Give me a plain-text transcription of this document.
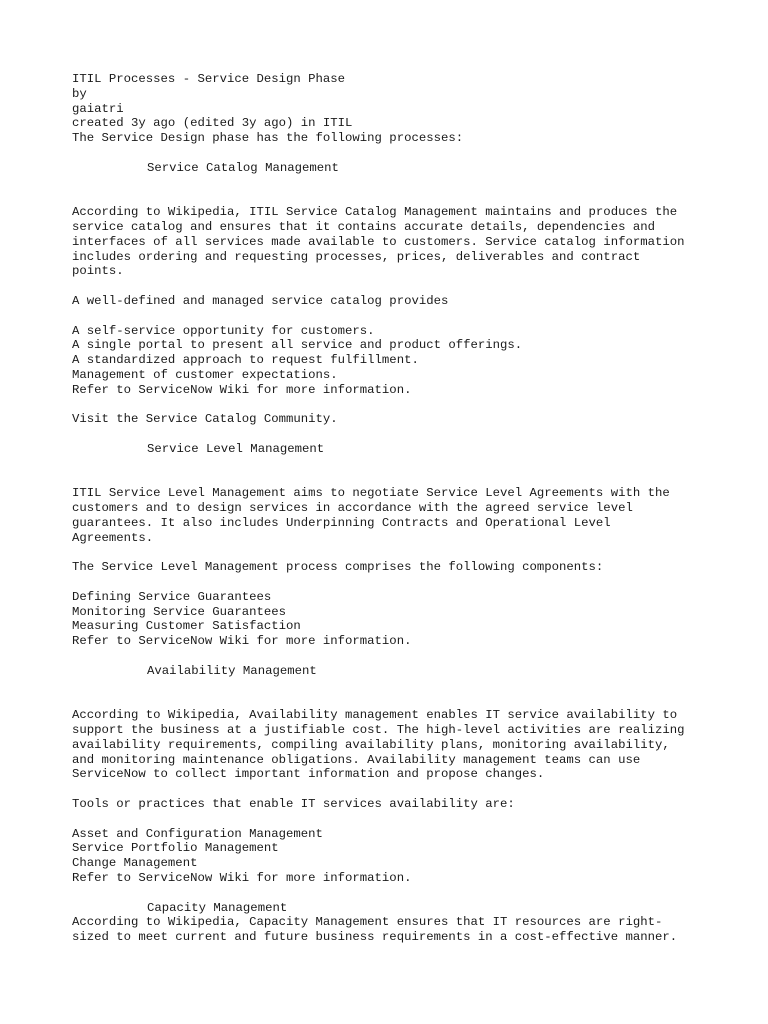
ITIL Processes - Service Design Phase
by
gaiatri
created 3y ago (edited 3y ago) in ITIL
The Service Design phase has the following processes:
Service Catalog Management
According to Wikipedia, ITIL Service Catalog Management maintains and produces the
service catalog and ensures that it contains accurate details, dependencies and
interfaces of all services made available to customers. Service catalog information
includes ordering and requesting processes, prices, deliverables and contract
points.
A well-defined and managed service catalog provides
A self-service opportunity for customers.
A single portal to present all service and product offerings.
A standardized approach to request fulfillment.
Management of customer expectations.
Refer to ServiceNow Wiki for more information.
Visit the Service Catalog Community.
Service Level Management
ITIL Service Level Management aims to negotiate Service Level Agreements with the
customers and to design services in accordance with the agreed service level
guarantees. It also includes Underpinning Contracts and Operational Level
Agreements.
The Service Level Management process comprises the following components:
Defining Service Guarantees
Monitoring Service Guarantees
Measuring Customer Satisfaction
Refer to ServiceNow Wiki for more information.
Availability Management
According to Wikipedia, Availability management enables IT service availability to
support the business at a justifiable cost. The high-level activities are realizing
availability requirements, compiling availability plans, monitoring availability,
and monitoring maintenance obligations. Availability management teams can use
ServiceNow to collect important information and propose changes.
Tools or practices that enable IT services availability are:
Asset and Configuration Management
Service Portfolio Management
Change Management
Refer to ServiceNow Wiki for more information.
Capacity Management
According to Wikipedia, Capacity Management ensures that IT resources are right-
sized to meet current and future business requirements in a cost-effective manner.
